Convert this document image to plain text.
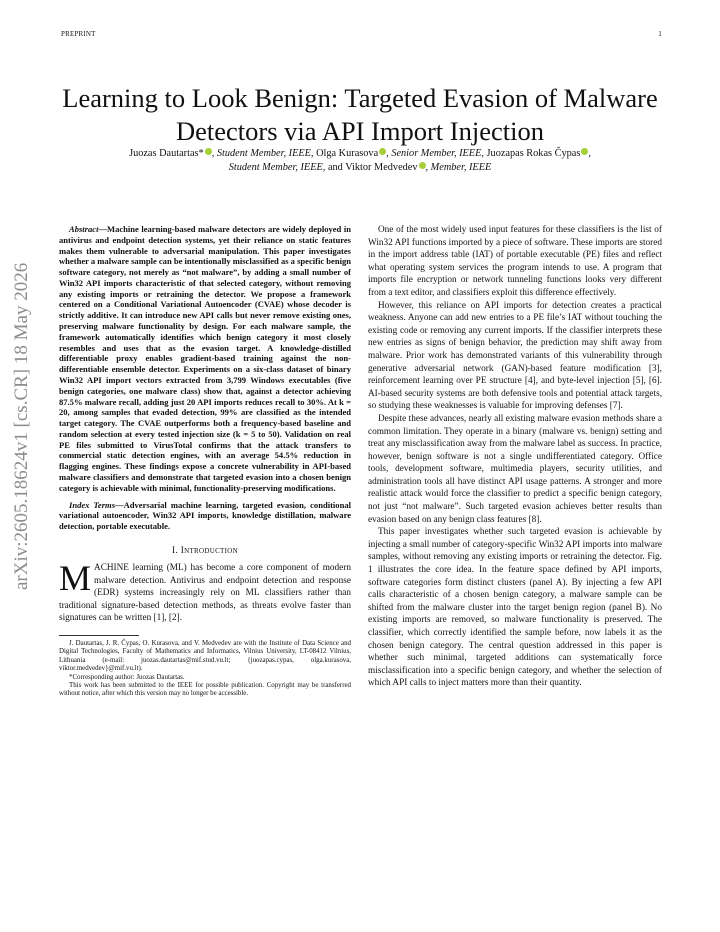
PREPRINT	1
arXiv:2605.18624v1 [cs.CR] 18 May 2026
Learning to Look Benign: Targeted Evasion of Malware Detectors via API Import Injection
Juozas Dautartas* , Student Member, IEEE, Olga Kurasova , Senior Member, IEEE, Juozapas Rokas Čypas ,
Student Member, IEEE, and Viktor Medvedev , Member, IEEE

Abstract—Machine learning-based malware detectors are widely deployed in antivirus and endpoint detection systems, yet their reliance on static features makes them vulnerable to adversarial manipulation. This paper investigates whether a malware sample can be intentionally misclassified as a specific benign software category, not merely as “not malware”, by adding a small number of Win32 API imports characteristic of that selected category, without removing any existing imports or retraining the detector. We propose a framework centered on a Conditional Variational Autoencoder (CVAE) whose decoder is strictly additive. It can introduce new API calls but never remove existing ones, preserving malware functionality by design. For each malware sample, the framework automatically identifies which benign category it most closely resembles and uses that as the evasion target. A knowledge-distilled differentiable proxy enables gradient-based training against the non-differentiable ensemble detector. Experiments on a six-class dataset of binary Win32 API import vectors extracted from 3,799 Windows executables (five benign categories, one malware class) show that, against a detector achieving 87.5% malware recall, adding just 20 API imports reduces recall to 30%. At k = 20, among samples that evaded detection, 99% are classified as the intended target category. The CVAE outperforms both a frequency-based baseline and random selection at every tested injection size (k = 5 to 50). Validation on real PE files submitted to VirusTotal confirms that the attack transfers to commercial static detection engines, with an average 54.5% reduction in flagging engines. These findings expose a concrete vulnerability in API-based malware classifiers and demonstrate that targeted evasion into a chosen benign category is achievable with minimal, functionality-preserving modifications.

Index Terms—Adversarial machine learning, targeted evasion, conditional variational autoencoder, Win32 API imports, knowledge distillation, malware detection, portable executable.

I. Introduction

MACHINE learning (ML) has become a core component of modern malware detection. Antivirus and endpoint detection and response (EDR) systems increasingly rely on ML classifiers rather than traditional signature-based detection methods, as threats evolve faster than signatures can be written [1], [2].

J. Dautartas, J. R. Čypas, O. Kurasova, and V. Medvedev are with the Institute of Data Science and Digital Technologies, Faculty of Mathematics and Informatics, Vilnius University, LT-08412 Vilnius, Lithuania (e-mail: juozas.dautartas@mif.stud.vu.lt; {juozapas.cypas, olga.kurasova, viktor.medvedev}@mif.vu.lt).

*Corresponding author: Juozas Dautartas.

This work has been submitted to the IEEE for possible publication. Copyright may be transferred without notice, after which this version may no longer be accessible.

One of the most widely used input features for these classifiers is the list of Win32 API functions imported by a piece of software. These imports are stored in the import address table (IAT) of portable executable (PE) files and reflect what operating system services the program intends to use. A program that imports file encryption or network tunneling functions looks very different from a text editor, and classifiers exploit this difference effectively.

However, this reliance on API imports for detection creates a practical weakness. Anyone can add new entries to a PE file’s IAT without touching the existing code or removing any current imports. If the classifier interprets these new entries as signs of benign behavior, the prediction may shift away from malware. Prior work has demonstrated variants of this vulnerability through generative adversarial network (GAN)-based feature modification [3], reinforcement learning over PE structure [4], and byte-level injection [5], [6]. AI-based security systems are both defensive tools and potential attack targets, so studying these weaknesses is valuable for improving defenses [7].

Despite these advances, nearly all existing malware evasion methods share a common limitation. They operate in a binary (malware vs. benign) setting and treat any misclassification away from the malware label as success. In practice, however, benign software is not a single undifferentiated category. Office tools, development software, multimedia players, security utilities, and administration tools all have distinct API usage patterns. A stronger and more realistic attack would force the classifier to predict a specific benign category, not just “not malware”. Such targeted evasion achieves better results than evasion based on any benign class features [8].

This paper investigates whether such targeted evasion is achievable by injecting a small number of category-specific Win32 API imports into malware samples, without removing any existing imports or retraining the detector. Fig. 1 illustrates the core idea. In the feature space defined by API imports, software categories form distinct clusters (panel A). By injecting a few API calls characteristic of a chosen benign category, a malware sample can be shifted from the malware cluster into the target benign region (panel B). No existing imports are removed, so malware functionality is preserved. The classifier, which correctly identified the sample before, now labels it as the chosen benign category. The central question addressed in this paper is whether such minimal, targeted additions can systematically force misclassification into a specific benign category, and whether the selection of which API calls to inject matters more than their quantity.
